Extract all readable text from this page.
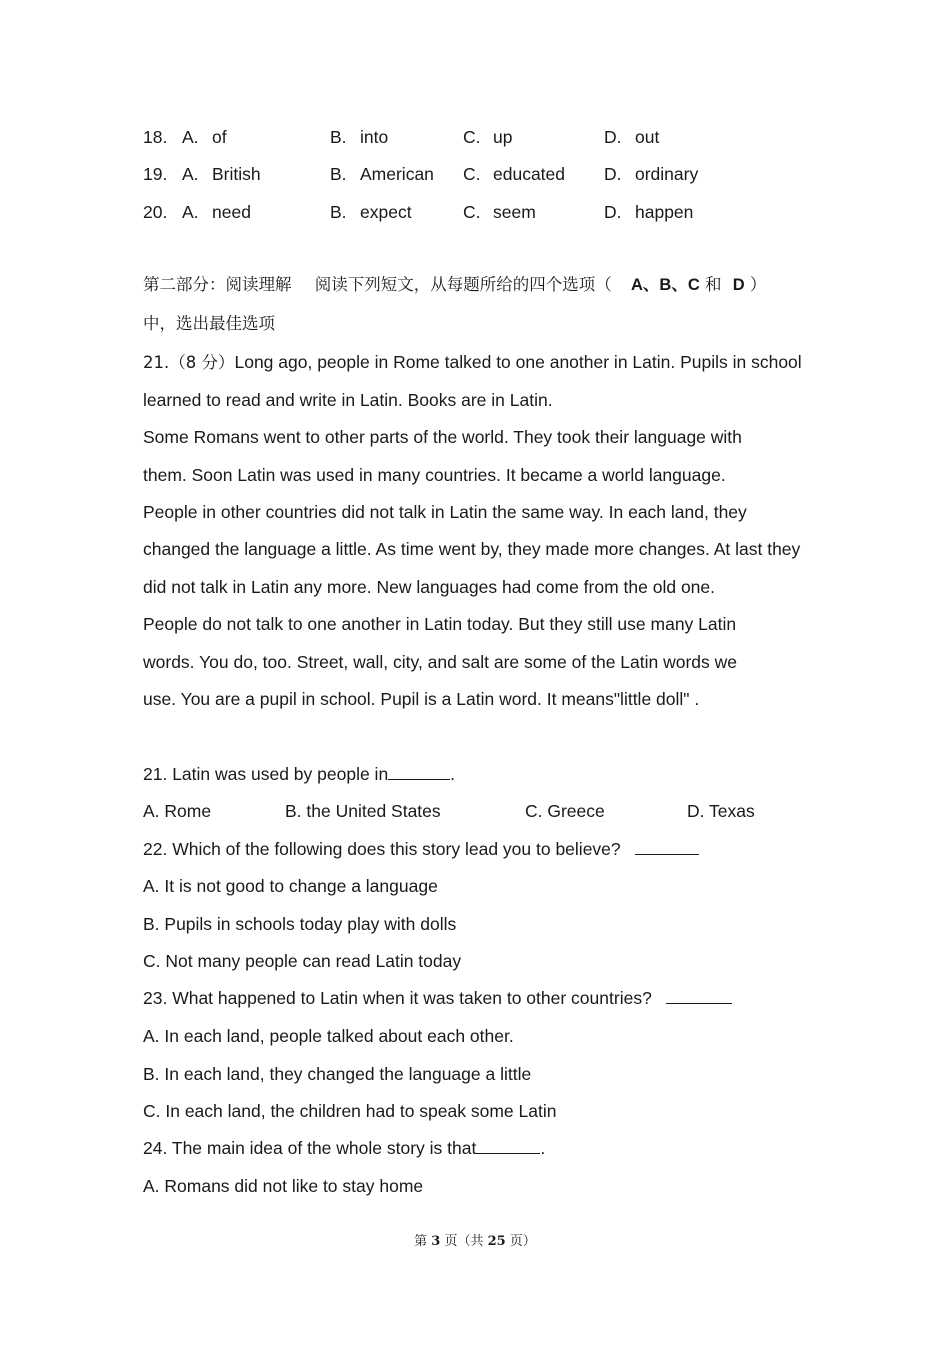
18. A. of	B. into	C. up	D. out
19. A. British	B. American C. educated D. ordinary
20. A. need	B. expect	C. seem	D. happen
第二部分：阅读理解 阅读下列短文，从每题所给的四个选项（ A、B、C 和 D ）
中，选出最佳选项
21.（8 分）Long ago, people in Rome talked to one another in Latin. Pupils in school
learned to read and write in Latin. Books are in Latin.
Some Romans went to other parts of the world. They took their language with
them. Soon Latin was used in many countries. It became a world language.
People in other countries did not talk in Latin the same way. In each land, they
changed the language a little. As time went by, they made more changes. At last they
did not talk in Latin any more. New languages had come from the old one.
People do not talk to one another in Latin today. But they still use many Latin
words. You do, too. Street, wall, city, and salt are some of the Latin words we
use. You are a pupil in school. Pupil is a Latin word. It means"little doll" .
21. Latin was used by people in	.
A. Rome	B. the United States	C. Greece	D. Texas
22. Which of the following does this story lead you to believe?
A. It is not good to change a language
B. Pupils in schools today play with dolls
C. Not many people can read Latin today
23. What happened to Latin when it was taken to other countries?
A. In each land, people talked about each other.
B. In each land, they changed the language a little
C. In each land, the children had to speak some Latin
24. The main idea of the whole story is that	.
A. Romans did not like to stay home
第 3 页（共 25 页）
